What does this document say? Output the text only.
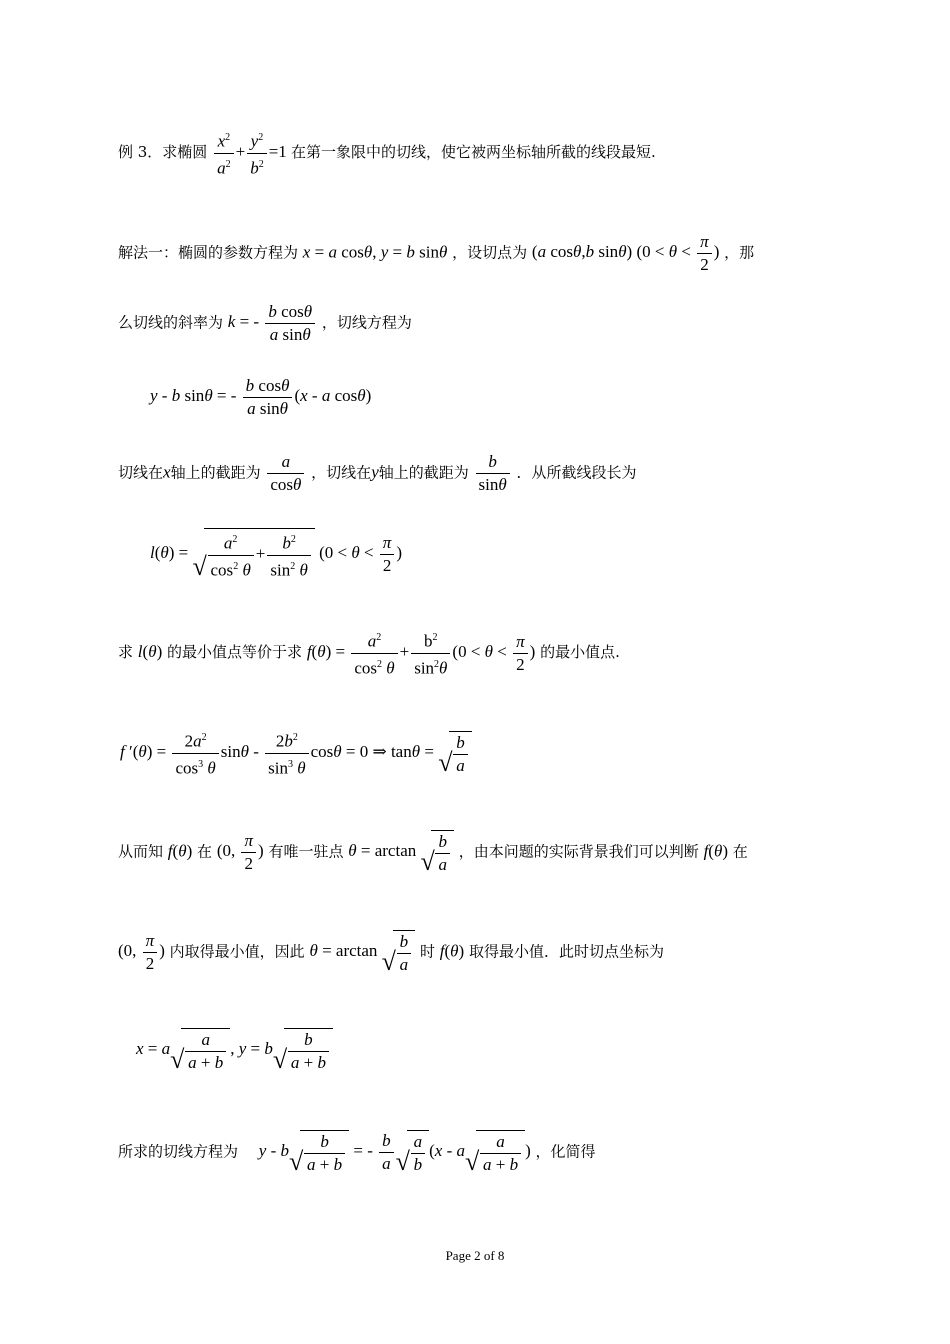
例 3．求椭圆 $\frac{x^2}{a^2} + \frac{y^2}{b^2} =1$ 在第一象限中的切线，使它被两坐标轴所截的线段最短.
解法一：椭圆的参数方程为 x = a cosθ, y = b sinθ ，设切点为 (a cosθ,b sinθ) ($0 < \theta < \frac{\pi}{2}$ ) ，那
么切线的斜率为 k = - $\frac{\text{b cosθ}}{\text{a sinθ}}$ ，切线方程为
y - b sinθ = - $\frac{\text{b cosθ}}{\text{a sinθ}} (x$ - a cosθ)
切线在x轴上的截距为 $\frac{a}{\cos\theta}$ ，切线在y轴上的截距为 $\frac{b}{\sin\theta}$ ．从所截线段长为
l(θ) = √ $\frac{a^2}{\cos^2 \theta} + \frac{b^2}{\sin^2 \theta} (0 < \theta < \frac{\pi}{2}$ )
求 l(θ) 的最小值点等价于求 $f(\theta) = \frac{a^2}{\cos^2 \theta} + \frac{b^2}{\sin^2\theta} (0 < \theta < \frac{\pi}{2}$ ) 的最小值点.
f $'(\theta) = \frac{2a^2}{\cos^3 \theta}$ sinθ - $\frac{2b^2}{\sin^3 \theta}$ cosθ = 0 ⇒ tanθ = √ $\frac{b}{a}$
从而知 f(θ) 在 (0, $\frac{\pi}{2}$ ) 有唯一驻点 θ = arctan √ $\frac{b}{a}$ ，由本问题的实际背景我们可以判断 f(θ) 在
(0, $\frac{\pi}{2}$ ) 内取得最小值，因此 θ = arctan √ $\frac{b}{a}$ 时 f(θ) 取得最小值．此时切点坐标为
x = a √ $\frac{a}{a + b}$ , y = b √ $\frac{b}{a + b}$
所求的切线方程为 y - b √ $\frac{b}{a + b}$ = - $\frac{b}{a}$ √ $\frac{a}{b} (x$ - a √ $\frac{a}{a + b}$ ) ，化简得
Page 2 of 8
